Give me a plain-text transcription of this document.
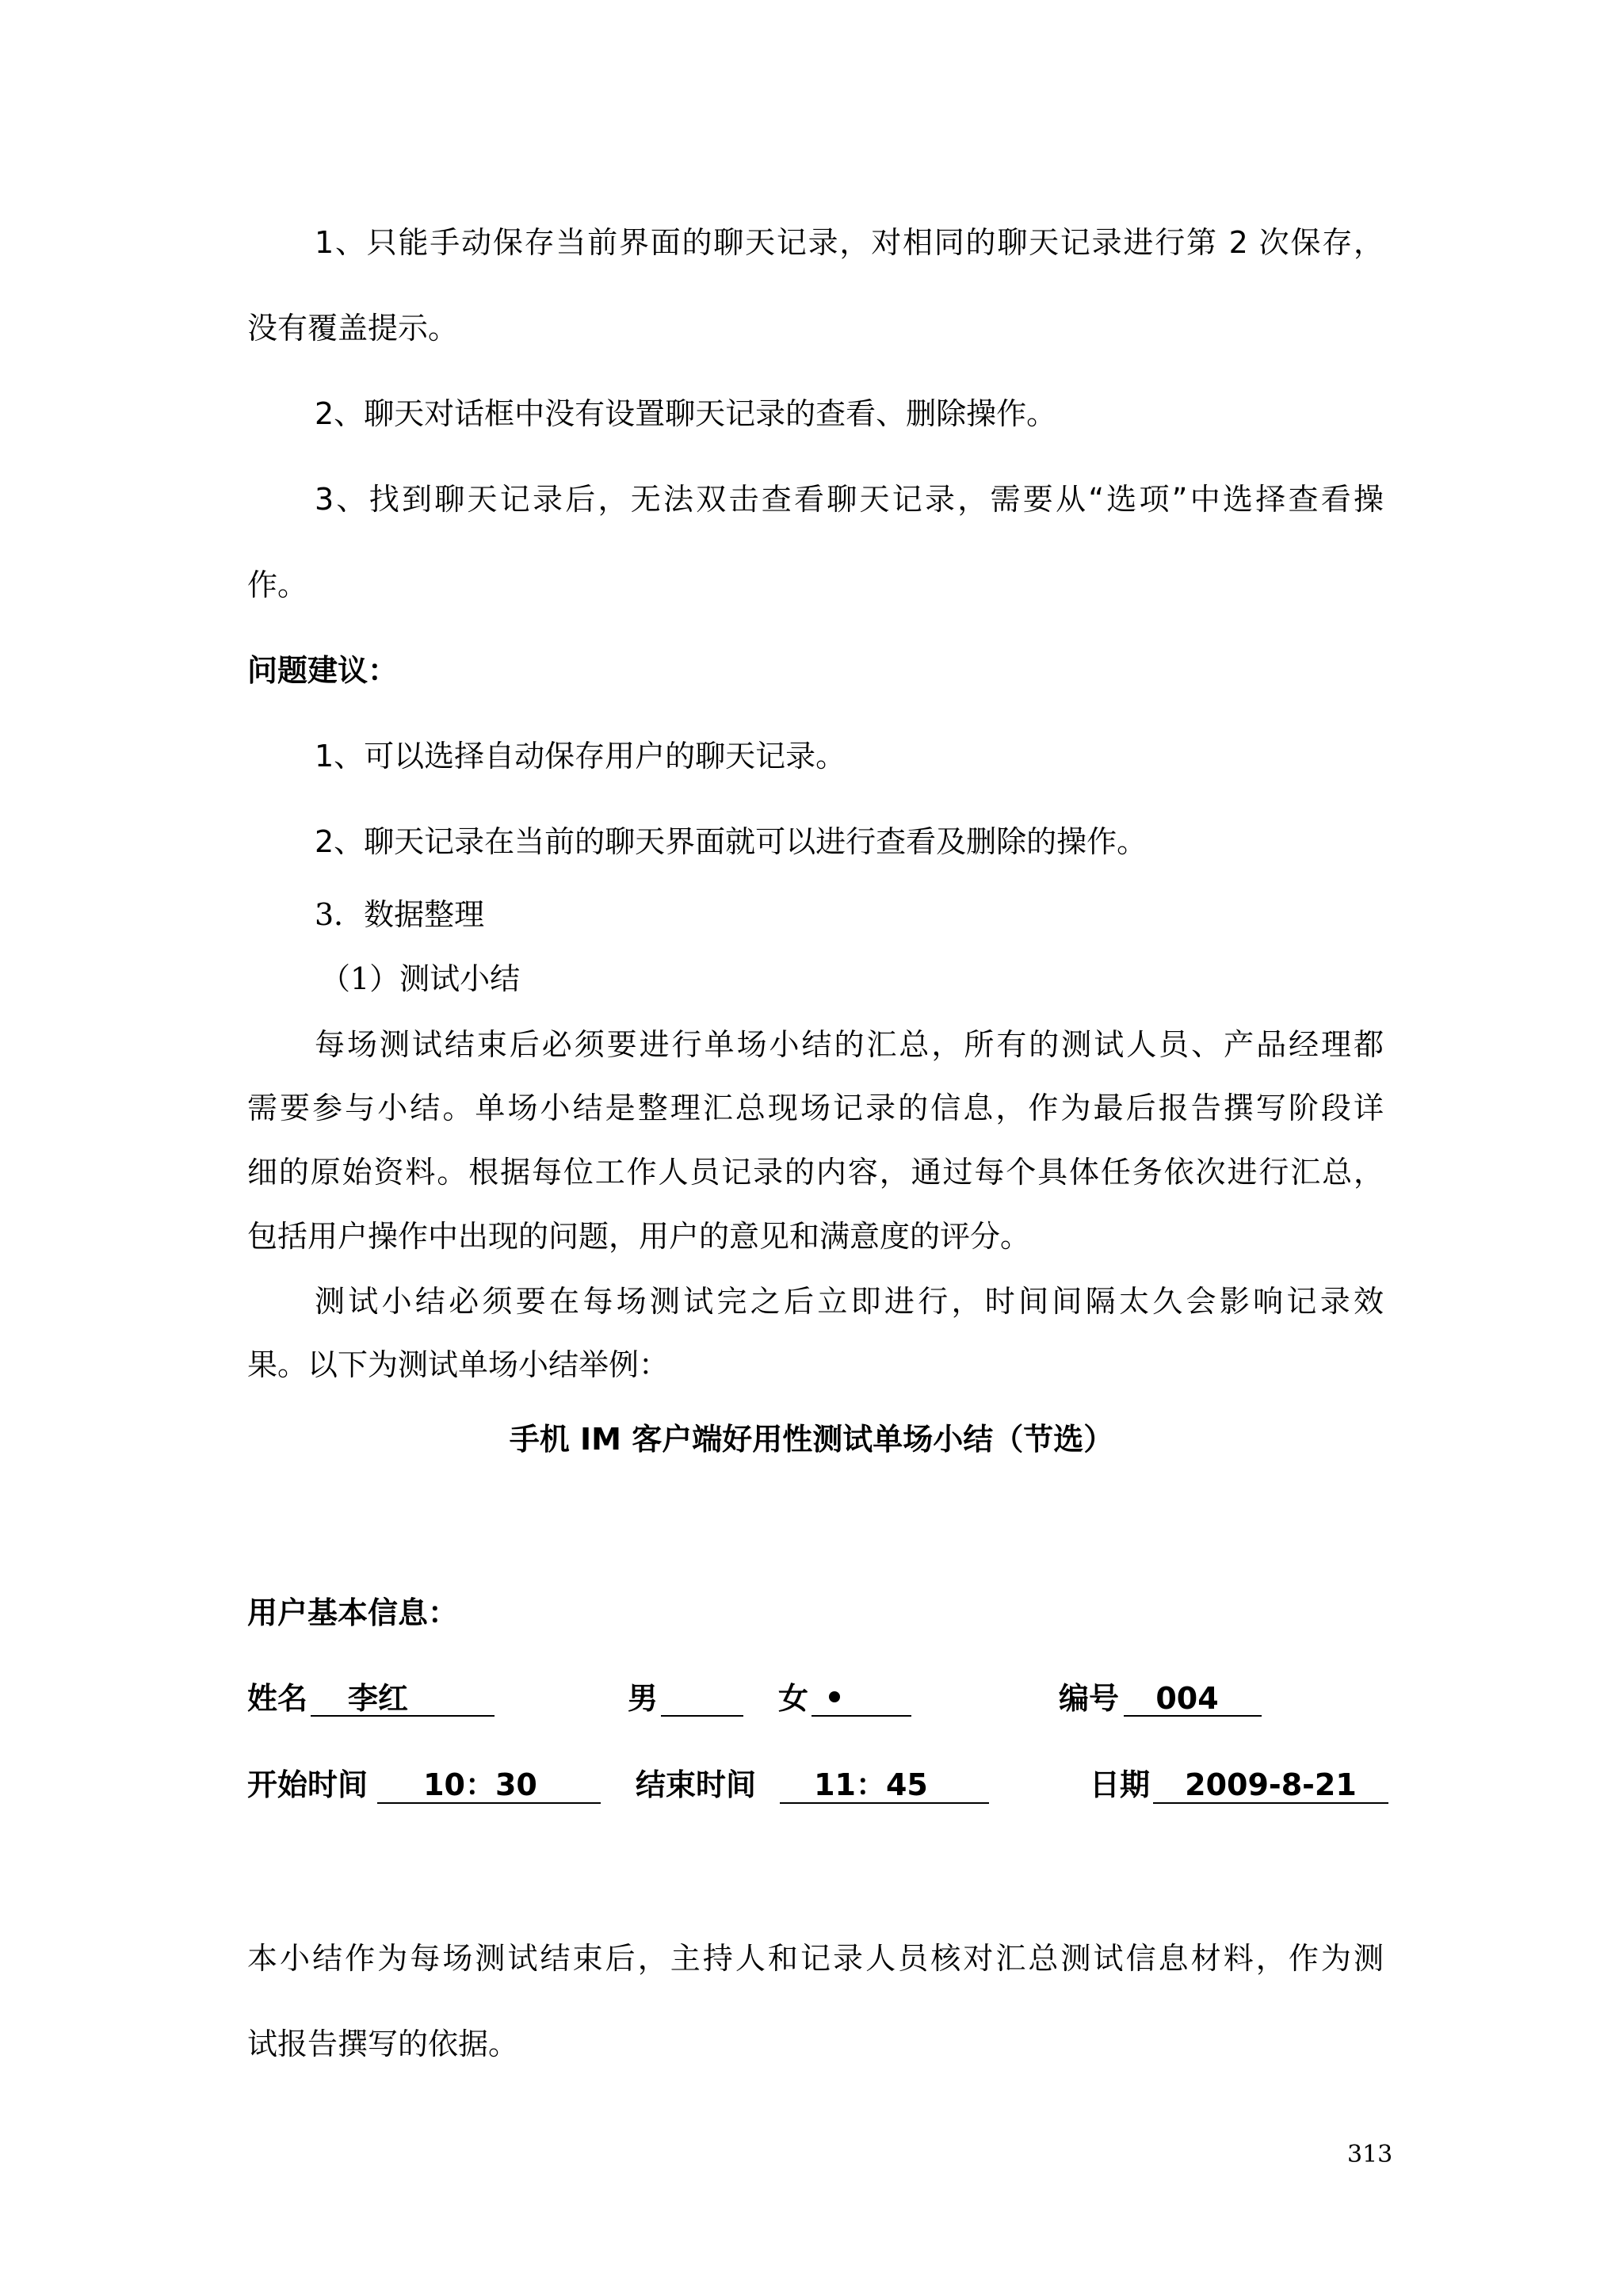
1、只能手动保存当前界面的聊天记录，对相同的聊天记录进行第 2 次保存，
没有覆盖提示。
2、聊天对话框中没有设置聊天记录的查看、删除操作。
3、找到聊天记录后，无法双击查看聊天记录，需要从“选项”中选择查看操
作。
问题建议：
1、可以选择自动保存用户的聊天记录。
2、聊天记录在当前的聊天界面就可以进行查看及删除的操作。
3．数据整理
（1）测试小结
每场测试结束后必须要进行单场小结的汇总，所有的测试人员、产品经理都
需要参与小结。单场小结是整理汇总现场记录的信息，作为最后报告撰写阶段详
细的原始资料。根据每位工作人员记录的内容，通过每个具体任务依次进行汇总，
包括用户操作中出现的问题，用户的意见和满意度的评分。
测试小结必须要在每场测试完之后立即进行，时间间隔太久会影响记录效
果。以下为测试单场小结举例：
手机 IM 客户端好用性测试单场小结（节选）
用户基本信息：
姓名	李红	男	女	编号	004
开始时间	10：30	结束时间	11：45	日期	2009-8-21
本小结作为每场测试结束后，主持人和记录人员核对汇总测试信息材料，作为测
试报告撰写的依据。
313
